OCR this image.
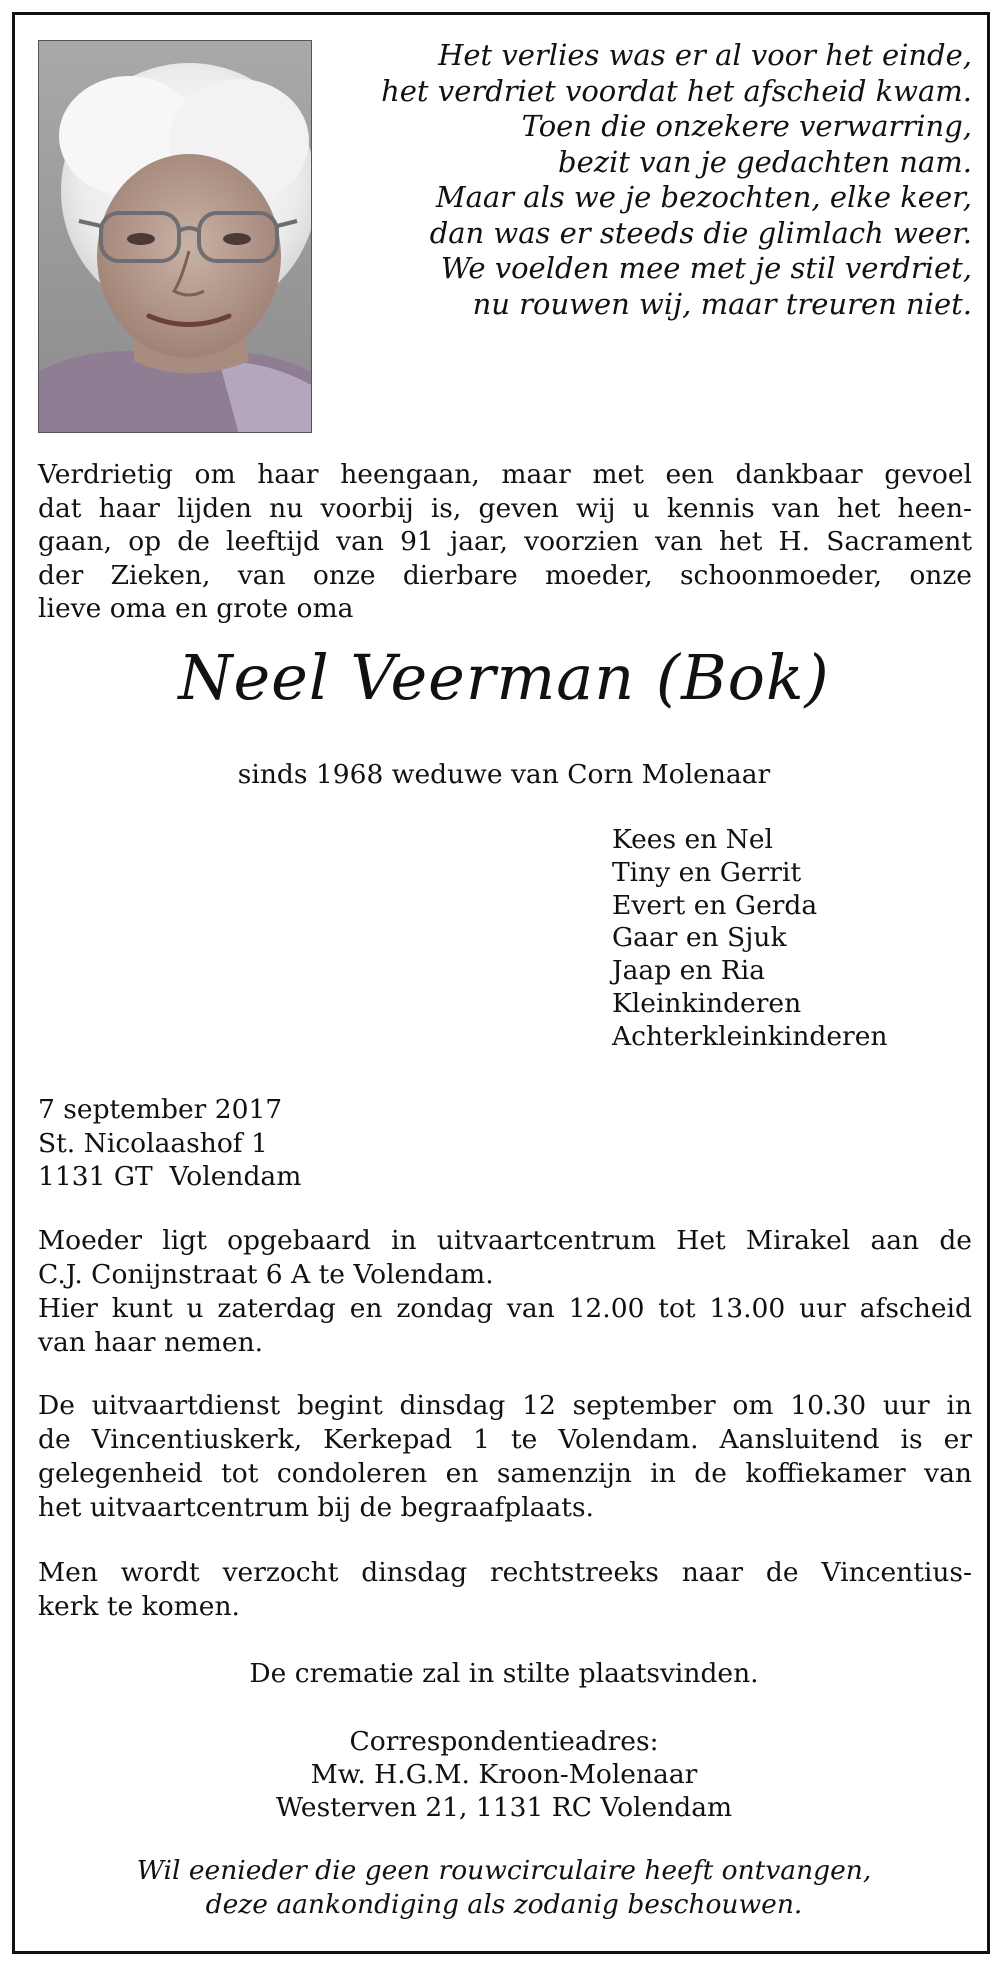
Het verlies was er al voor het einde,
het verdriet voordat het afscheid kwam.
Toen die onzekere verwarring,
bezit van je gedachten nam.
Maar als we je bezochten, elke keer,
dan was er steeds die glimlach weer.
We voelden mee met je stil verdriet,
nu rouwen wij, maar treuren niet.
Verdrietig om haar heengaan, maar met een dankbaar gevoel
dat haar lijden nu voorbij is, geven wij u kennis van het heen-
gaan, op de leeftijd van 91 jaar, voorzien van het H. Sacrament
der Zieken, van onze dierbare moeder, schoonmoeder, onze
lieve oma en grote oma
Neel Veerman (Bok)
sinds 1968 weduwe van Corn Molenaar
Kees en Nel
Tiny en Gerrit
Evert en Gerda
Gaar en Sjuk
Jaap en Ria
Kleinkinderen
Achterkleinkinderen
7 september 2017
St. Nicolaashof 1
1131 GT  Volendam
Moeder ligt opgebaard in uitvaartcentrum Het Mirakel aan de
C.J. Conijnstraat 6 A te Volendam.
Hier kunt u zaterdag en zondag van 12.00 tot 13.00 uur afscheid
van haar nemen.
De uitvaartdienst begint dinsdag 12 september om 10.30 uur in
de Vincentiuskerk, Kerkepad 1 te Volendam. Aansluitend is er
gelegenheid tot condoleren en samenzijn in de koffiekamer van
het uitvaartcentrum bij de begraafplaats.
Men wordt verzocht dinsdag rechtstreeks naar de Vincentius-
kerk te komen.
De crematie zal in stilte plaatsvinden.
Correspondentieadres:
Mw. H.G.M. Kroon-Molenaar
Westerven 21, 1131 RC Volendam
Wil eenieder die geen rouwcirculaire heeft ontvangen,
deze aankondiging als zodanig beschouwen.
